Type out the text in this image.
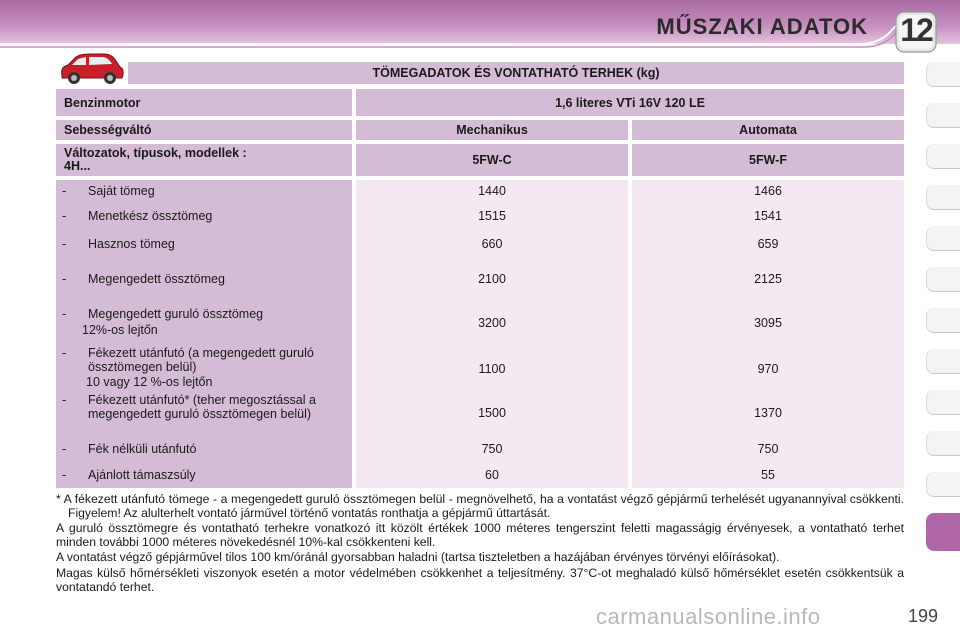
MŰSZAKI ADATOK 12
TÖMEGADATOK ÉS VONTATHATÓ TERHEK (kg)
Benzinmotor	1,6 literes VTi 16V 120 LE
Sebességváltó	Mechanikus	Automata
Változatok, típusok, modellek :
4H...	5FW-C	5FW-F
- Saját tömeg	1440	1466
- Menetkész össztömeg	1515	1541
- Hasznos tömeg	660	659
- Megengedett össztömeg	2100	2125
- Megengedett guruló össztömeg
12%-os lejtőn	3200	3095
- Fékezett utánfutó (a megengedett guruló össztömegen belül)
10 vagy 12 %-os lejtőn
1100	970
- Fékezett utánfutó* (teher megosztással a megengedett guruló össztömegen belül)	1500	1370
- Fék nélküli utánfutó	750	750
- Ajánlott támaszsúly	60	55

* A fékezett utánfutó tömege - a megengedett guruló össztömegen belül - megnövelhető, ha a vontatást végző gépjármű terhelését ugyanannyival csökkenti. Figyelem! Az alulterhelt vontató járművel történő vontatás ronthatja a gépjármű úttartását.

A guruló össztömegre és vontatható terhekre vonatkozó itt közölt értékek 1000 méteres tengerszint feletti magasságig érvényesek, a vontatható terhet minden további 1000 méteres növekedésnél 10%-kal csökkenteni kell.

A vontatást végző gépjárművel tilos 100 km/óránál gyorsabban haladni (tartsa tiszteletben a hazájában érvényes törvényi előírásokat).

Magas külső hőmérsékleti viszonyok esetén a motor védelmében csökkenhet a teljesítmény. 37°C-ot meghaladó külső hőmérséklet esetén csökkentsük a vontatandó terhet.

carmanualsonline.info	199
